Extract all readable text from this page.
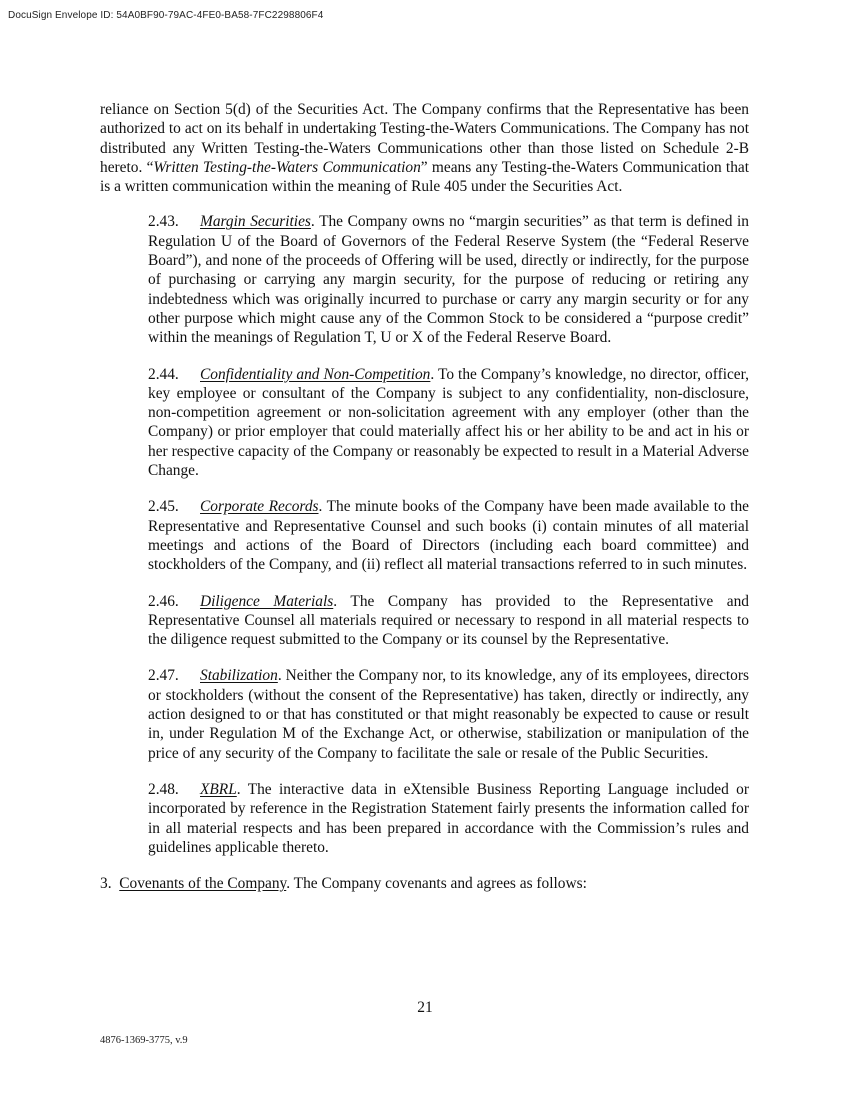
DocuSign Envelope ID: 54A0BF90-79AC-4FE0-BA58-7FC2298806F4

reliance on Section 5(d) of the Securities Act. The Company confirms that the Representative has been authorized to act on its behalf in undertaking Testing-the-Waters Communications. The Company has not distributed any Written Testing-the-Waters Communications other than those listed on Schedule 2-B hereto. “Written Testing-the-Waters Communication” means any Testing-the-Waters Communication that is a written communication within the meaning of Rule 405 under the Securities Act.

2.43. Margin Securities. The Company owns no “margin securities” as that term is defined in Regulation U of the Board of Governors of the Federal Reserve System (the “Federal Reserve Board”), and none of the proceeds of Offering will be used, directly or indirectly, for the purpose of purchasing or carrying any margin security, for the purpose of reducing or retiring any indebtedness which was originally incurred to purchase or carry any margin security or for any other purpose which might cause any of the Common Stock to be considered a “purpose credit” within the meanings of Regulation T, U or X of the Federal Reserve Board.

2.44. Confidentiality and Non-Competition. To the Company’s knowledge, no director, officer, key employee or consultant of the Company is subject to any confidentiality, non-disclosure, non-competition agreement or non-solicitation agreement with any employer (other than the Company) or prior employer that could materially affect his or her ability to be and act in his or her respective capacity of the Company or reasonably be expected to result in a Material Adverse Change.

2.45. Corporate Records. The minute books of the Company have been made available to the Representative and Representative Counsel and such books (i) contain minutes of all material meetings and actions of the Board of Directors (including each board committee) and stockholders of the Company, and (ii) reflect all material transactions referred to in such minutes.

2.46. Diligence Materials. The Company has provided to the Representative and Representative Counsel all materials required or necessary to respond in all material respects to the diligence request submitted to the Company or its counsel by the Representative.

2.47. Stabilization. Neither the Company nor, to its knowledge, any of its employees, directors or stockholders (without the consent of the Representative) has taken, directly or indirectly, any action designed to or that has constituted or that might reasonably be expected to cause or result in, under Regulation M of the Exchange Act, or otherwise, stabilization or manipulation of the price of any security of the Company to facilitate the sale or resale of the Public Securities.

2.48. XBRL. The interactive data in eXtensible Business Reporting Language included or incorporated by reference in the Registration Statement fairly presents the information called for in all material respects and has been prepared in accordance with the Commission’s rules and guidelines applicable thereto.

3. Covenants of the Company. The Company covenants and agrees as follows:

21
4876-1369-3775, v.9
